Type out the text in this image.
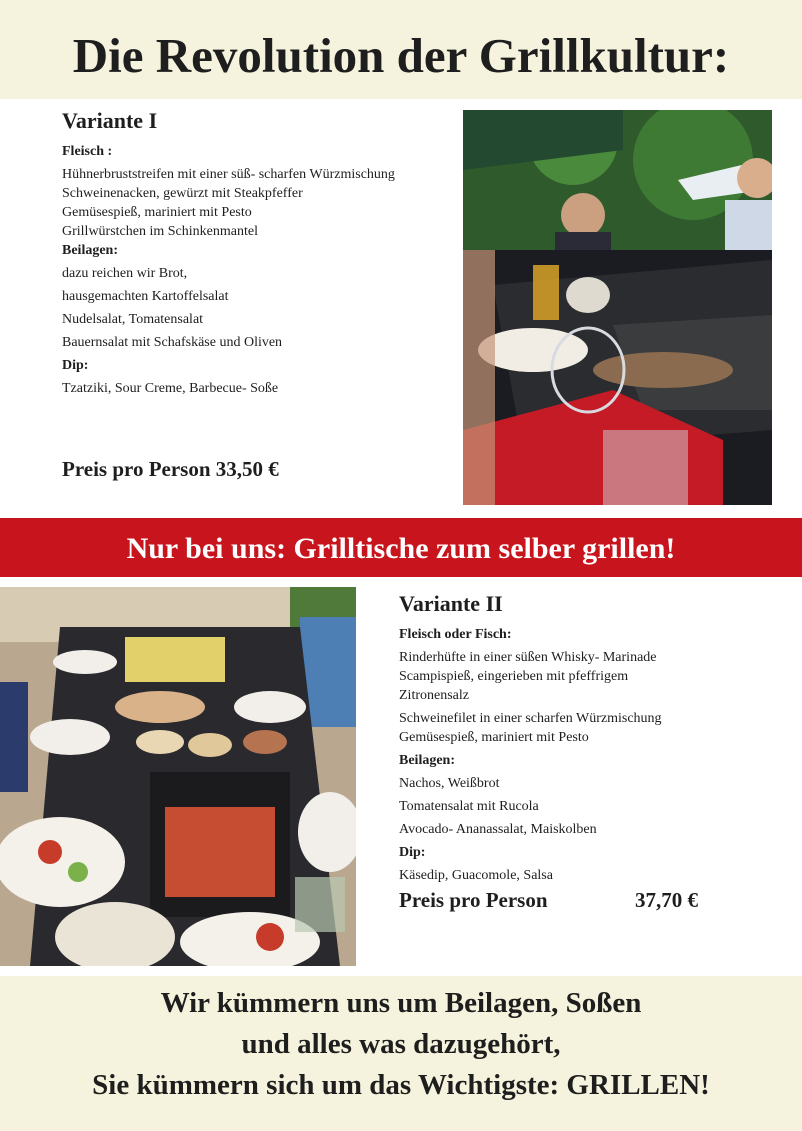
Die Revolution der Grillkultur:
Variante I
Fleisch :
Hühnerbruststreifen mit einer süß- scharfen Würzmischung
Schweinenacken, gewürzt mit Steakpfeffer
Gemüsespieß, mariniert mit Pesto
Grillwürstchen im Schinkenmantel
Beilagen:
dazu reichen wir Brot,
hausgemachten Kartoffelsalat
Nudelsalat, Tomatensalat
Bauernsalat mit Schafskäse und Oliven
Dip:
Tzatziki, Sour Creme, Barbecue- Soße
Preis pro Person 33,50 €
Nur bei uns: Grilltische zum selber grillen!
Variante II
Fleisch oder Fisch:
Rinderhüfte in einer süßen Whisky- Marinade
Scampispieß, eingerieben mit pfeffrigem
Zitronensalz
Schweinefilet in einer scharfen Würzmischung
Gemüsespieß, mariniert mit Pesto
Beilagen:
Nachos, Weißbrot
Tomatensalat mit Rucola
Avocado- Ananassalat, Maiskolben
Dip:
Käsedip, Guacomole, Salsa
Preis pro Person	37,70 €
Wir kümmern uns um Beilagen, Soßen
und alles was dazugehört,
Sie kümmern sich um das Wichtigste: GRILLEN!
